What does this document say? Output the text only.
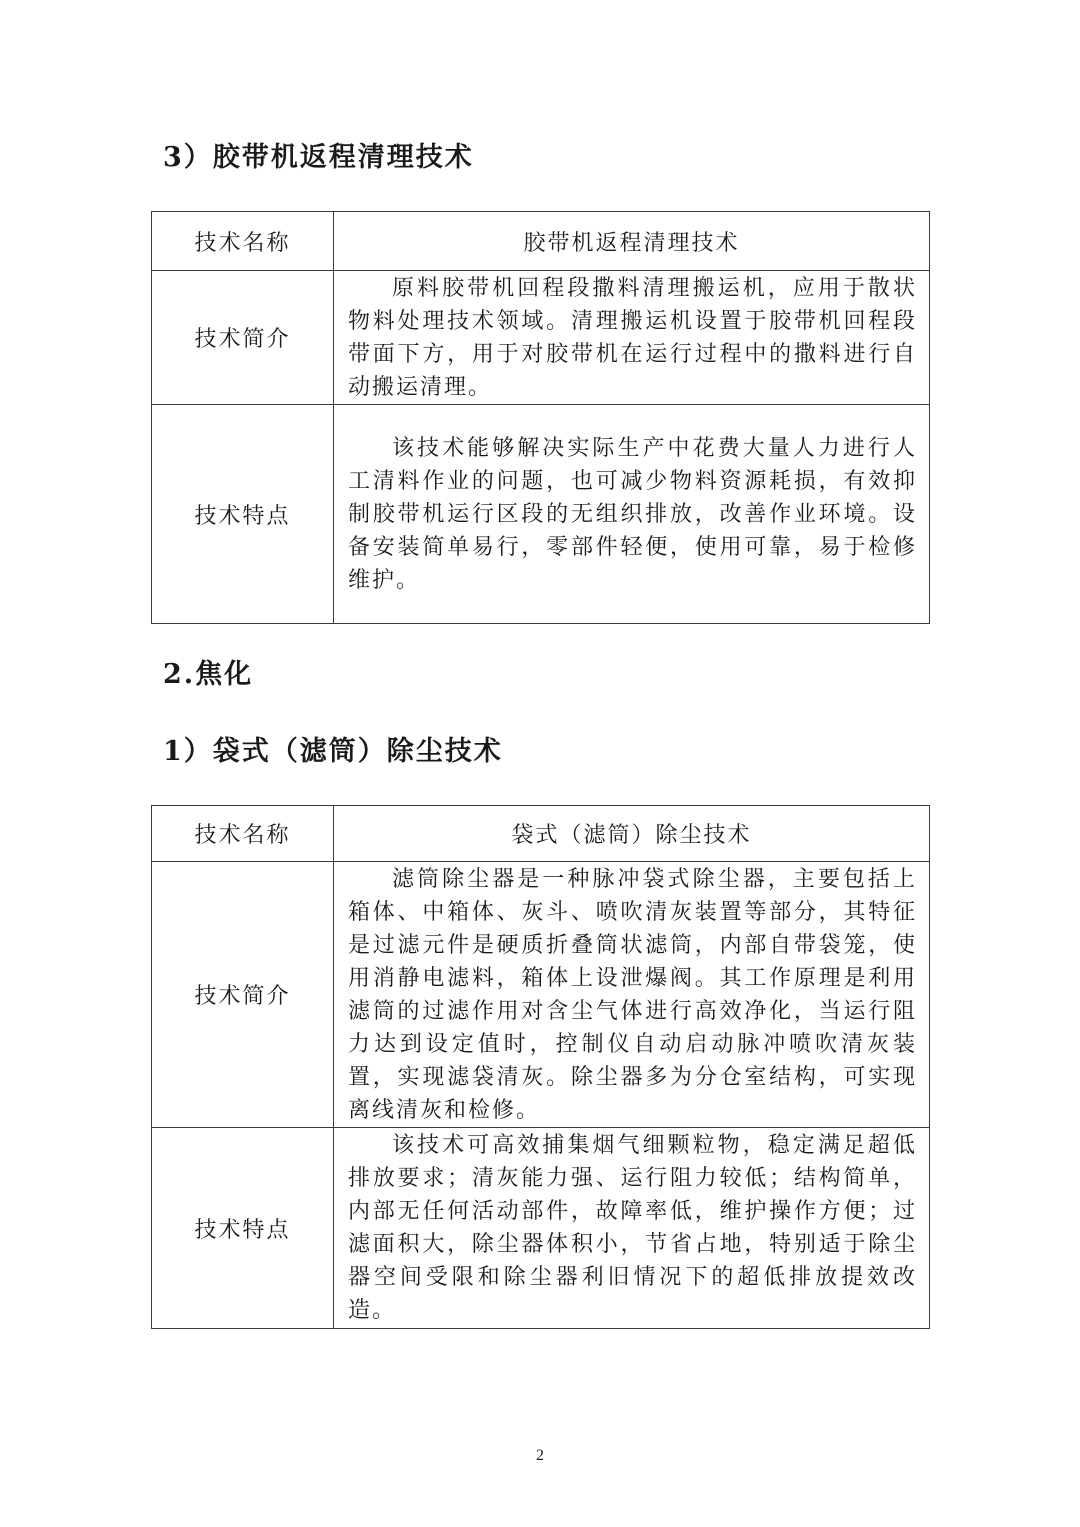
3）胶带机返程清理技术
技术名称	胶带机返程清理技术
技术简介	原料胶带机回程段撒料清理搬运机，应用于散状物料处理技术领域。清理搬运机设置于胶带机回程段带面下方，用于对胶带机在运行过程中的撒料进行自动搬运清理。
技术特点	该技术能够解决实际生产中花费大量人力进行人工清料作业的问题，也可减少物料资源耗损，有效抑制胶带机运行区段的无组织排放，改善作业环境。设备安装简单易行，零部件轻便，使用可靠，易于检修维护。
2.焦化
1）袋式（滤筒）除尘技术
技术名称	袋式（滤筒）除尘技术
技术简介	滤筒除尘器是一种脉冲袋式除尘器，主要包括上箱体、中箱体、灰斗、喷吹清灰装置等部分，其特征是过滤元件是硬质折叠筒状滤筒，内部自带袋笼，使用消静电滤料，箱体上设泄爆阀。其工作原理是利用滤筒的过滤作用对含尘气体进行高效净化，当运行阻力达到设定值时，控制仪自动启动脉冲喷吹清灰装置，实现滤袋清灰。除尘器多为分仓室结构，可实现离线清灰和检修。
技术特点	该技术可高效捕集烟气细颗粒物，稳定满足超低排放要求；清灰能力强、运行阻力较低；结构简单，内部无任何活动部件，故障率低，维护操作方便；过滤面积大，除尘器体积小，节省占地，特别适于除尘器空间受限和除尘器利旧情况下的超低排放提效改造。
2
